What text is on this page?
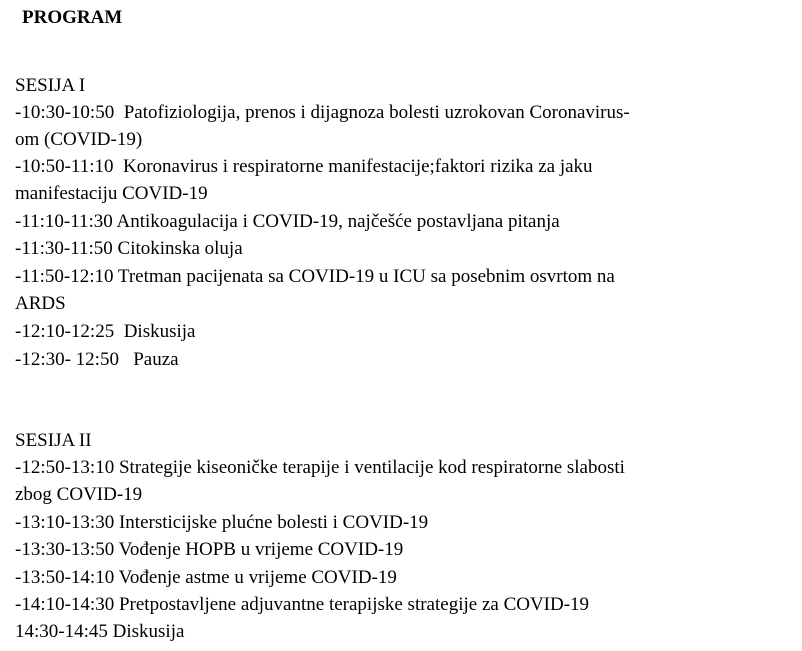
PROGRAM
SESIJA I
-10:30-10:50  Patofiziologija, prenos i dijagnoza bolesti uzrokovan Coronavirus-
om (COVID-19)
-10:50-11:10  Koronavirus i respiratorne manifestacije;faktori rizika za jaku
manifestaciju COVID-19
-11:10-11:30 Antikoagulacija i COVID-19, najčešće postavljana pitanja
-11:30-11:50 Citokinska oluja
-11:50-12:10 Tretman pacijenata sa COVID-19 u ICU sa posebnim osvrtom na
ARDS
-12:10-12:25  Diskusija
-12:30- 12:50   Pauza
SESIJA II
-12:50-13:10 Strategije kiseoničke terapije i ventilacije kod respiratorne slabosti
zbog COVID-19
-13:10-13:30 Intersticijske plućne bolesti i COVID-19
-13:30-13:50 Vođenje HOPB u vrijeme COVID-19
-13:50-14:10 Vođenje astme u vrijeme COVID-19
-14:10-14:30 Pretpostavljene adjuvantne terapijske strategije za COVID-19
14:30-14:45 Diskusija
